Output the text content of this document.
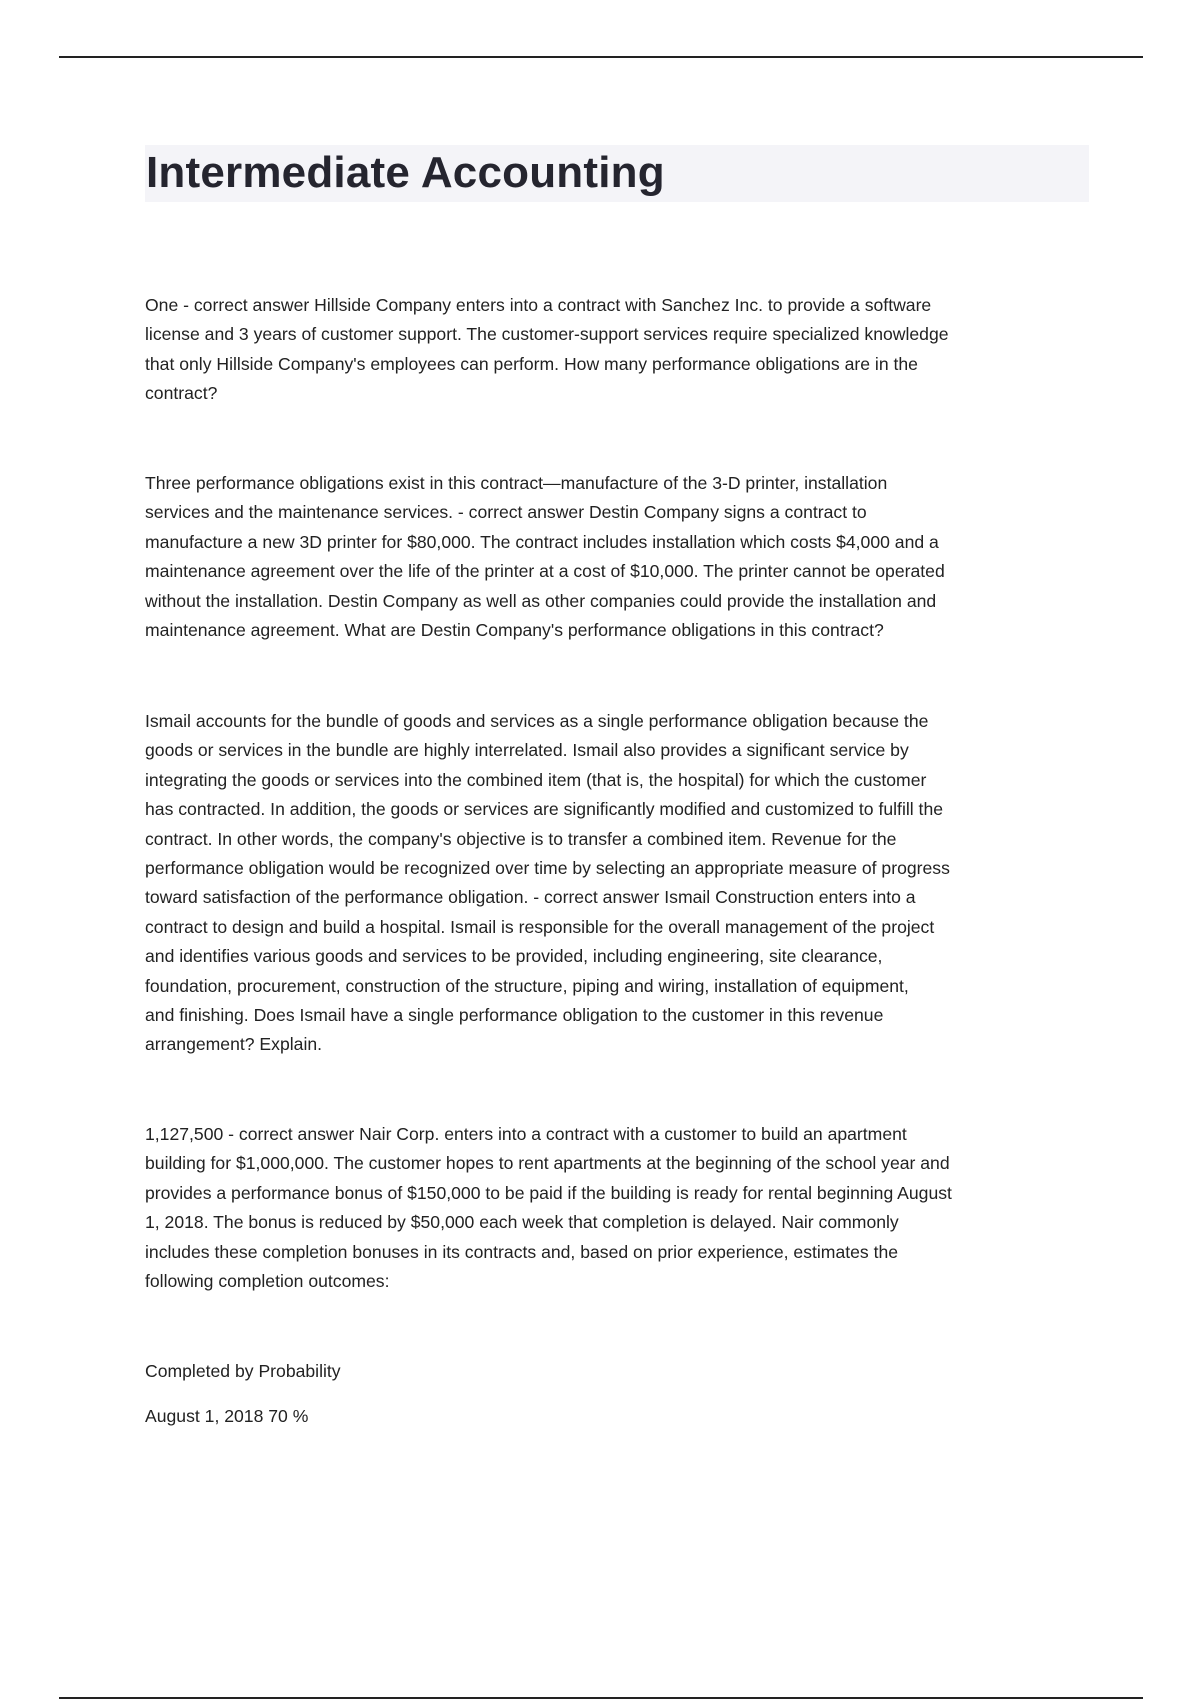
Intermediate Accounting
One - correct answer Hillside Company enters into a contract with Sanchez Inc. to provide a software
license and 3 years of customer support. The customer-support services require specialized knowledge
that only Hillside Company's employees can perform. How many performance obligations are in the
contract?
Three performance obligations exist in this contract—manufacture of the 3-D printer, installation
services and the maintenance services. - correct answer Destin Company signs a contract to
manufacture a new 3D printer for $80,000. The contract includes installation which costs $4,000 and a
maintenance agreement over the life of the printer at a cost of $10,000. The printer cannot be operated
without the installation. Destin Company as well as other companies could provide the installation and
maintenance agreement. What are Destin Company's performance obligations in this contract?
Ismail accounts for the bundle of goods and services as a single performance obligation because the
goods or services in the bundle are highly interrelated. Ismail also provides a significant service by
integrating the goods or services into the combined item (that is, the hospital) for which the customer
has contracted. In addition, the goods or services are significantly modified and customized to fulfill the
contract. In other words, the company's objective is to transfer a combined item. Revenue for the
performance obligation would be recognized over time by selecting an appropriate measure of progress
toward satisfaction of the performance obligation. - correct answer Ismail Construction enters into a
contract to design and build a hospital. Ismail is responsible for the overall management of the project
and identifies various goods and services to be provided, including engineering, site clearance,
foundation, procurement, construction of the structure, piping and wiring, installation of equipment,
and finishing. Does Ismail have a single performance obligation to the customer in this revenue
arrangement? Explain.
1,127,500 - correct answer Nair Corp. enters into a contract with a customer to build an apartment
building for $1,000,000. The customer hopes to rent apartments at the beginning of the school year and
provides a performance bonus of $150,000 to be paid if the building is ready for rental beginning August
1, 2018. The bonus is reduced by $50,000 each week that completion is delayed. Nair commonly
includes these completion bonuses in its contracts and, based on prior experience, estimates the
following completion outcomes:
Completed by Probability
August 1, 2018 70 %
